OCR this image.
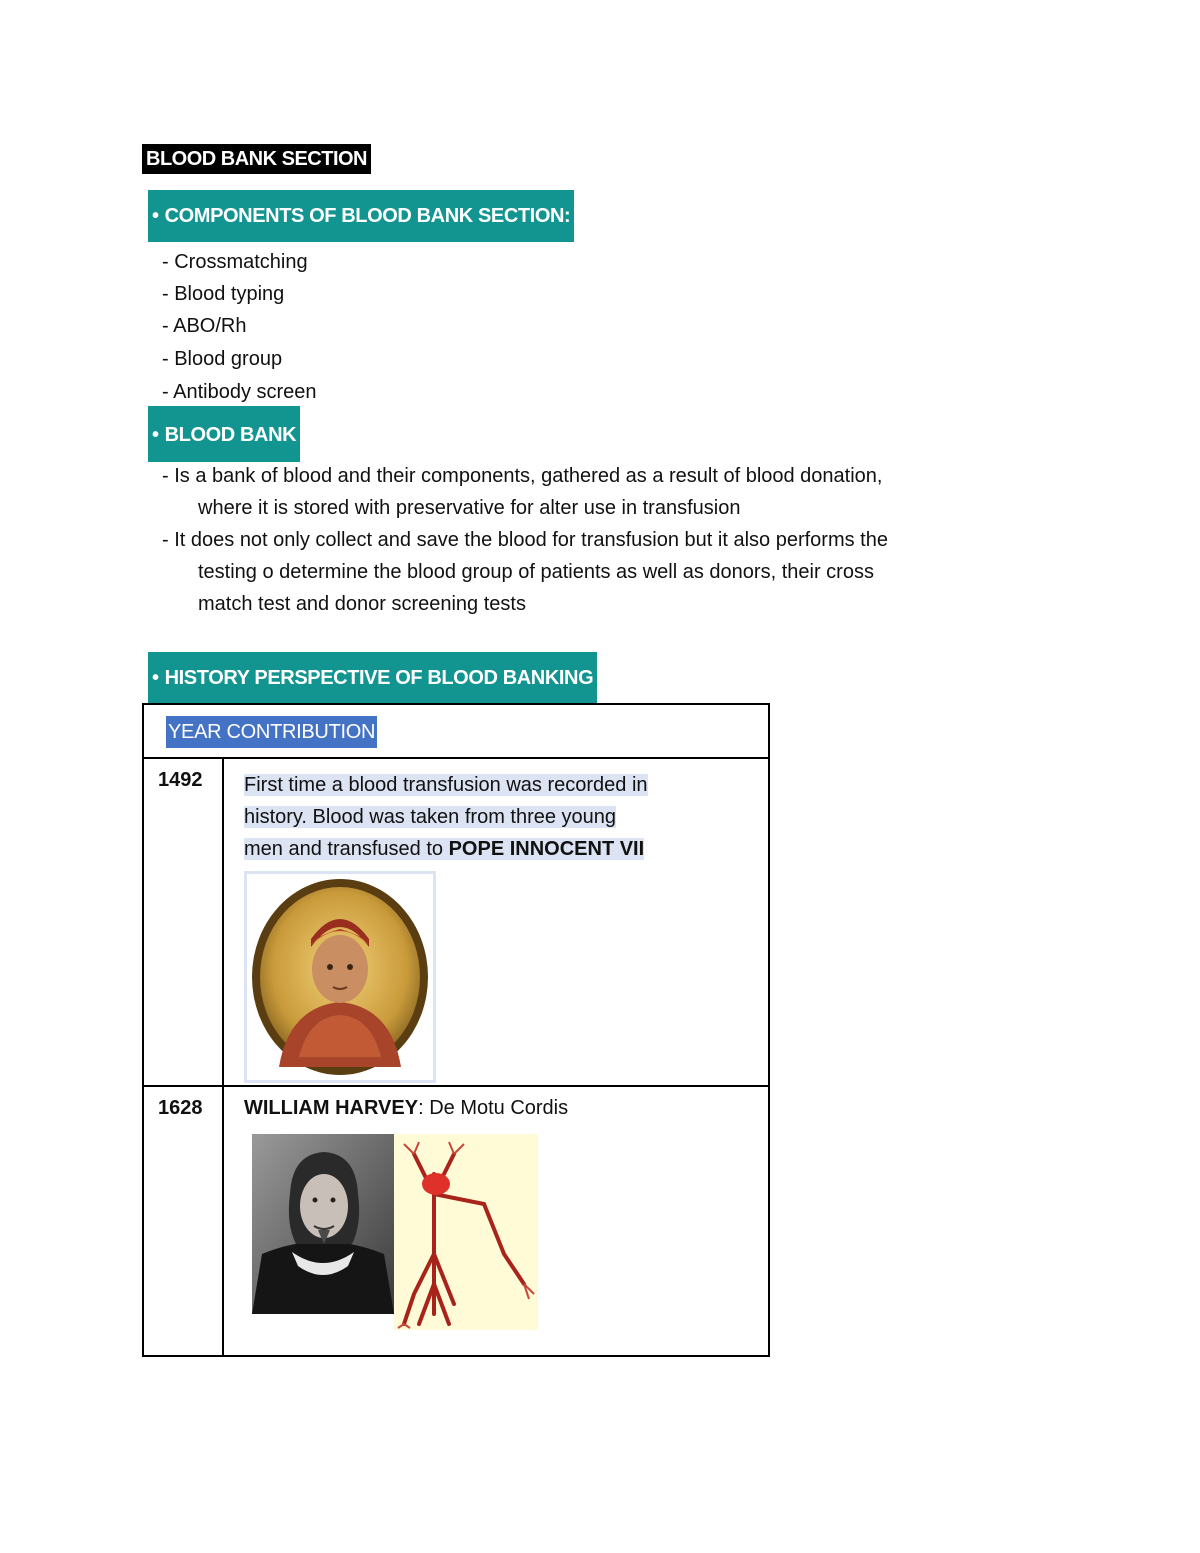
BLOOD BANK SECTION
• COMPONENTS OF BLOOD BANK SECTION:
- Crossmatching
- Blood typing
- ABO/Rh
- Blood group
- Antibody screen
• BLOOD BANK
- Is a bank of blood and their components, gathered as a result of blood donation,
where it is stored with preservative for alter use in transfusion
- It does not only collect and save the blood for transfusion but it also performs the
testing o determine the blood group of patients as well as donors, their cross
match test and donor screening tests
• HISTORY PERSPECTIVE OF BLOOD BANKING
YEAR CONTRIBUTION	
1492	First time a blood transfusion was recorded in
history. Blood was taken from three young
men and transfused to POPE INNOCENT VII

1628	WILLIAM HARVEY: De Motu Cordis
